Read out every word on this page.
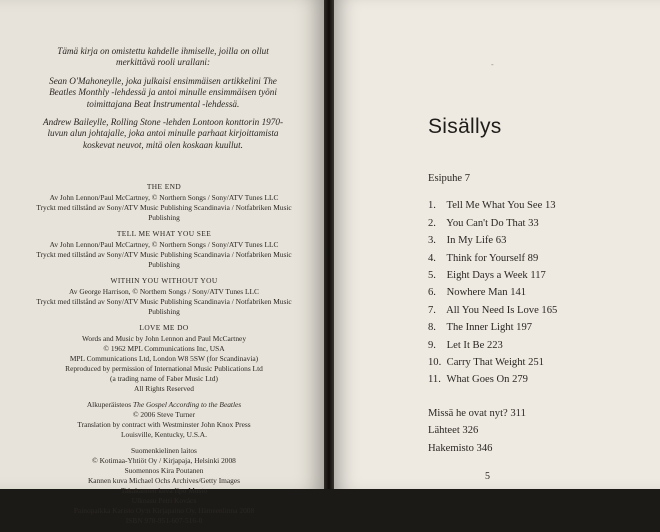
Tämä kirja on omistettu kahdelle ihmiselle, joilla on ollut merkittävä rooli urallani:

Sean O'Mahoneylle, joka julkaisi ensimmäisen artikkelini The Beatles Monthly -lehdessä ja antoi minulle ensimmäisen työni toimittajana Beat Instrumental -lehdessä.

Andrew Baileylle, Rolling Stone -lehden Lontoon konttorin 1970-luvun alun johtajalle, joka antoi minulle parhaat kirjoittamista koskevat neuvot, mitä olen koskaan kuullut.

THE END
Av John Lennon/Paul McCartney, © Northern Songs / Sony/ATV Tunes LLC
Tryckt med tillstånd av Sony/ATV Music Publishing Scandinavia / Notfabriken Music Publishing
TELL ME WHAT YOU SEE
Av John Lennon/Paul McCartney, © Northern Songs / Sony/ATV Tunes LLC
Tryckt med tillstånd av Sony/ATV Music Publishing Scandinavia / Notfabriken Music Publishing
WITHIN YOU WITHOUT YOU
Av George Harrison, © Northern Songs / Sony/ATV Tunes LLC
Tryckt med tillstånd av Sony/ATV Music Publishing Scandinavia / Notfabriken Music Publishing
LOVE ME DO
Words and Music by John Lennon and Paul McCartney
© 1962 MPL Communications Inc, USA
MPL Communications Ltd, London W8 5SW (for Scandinavia)
Reproduced by permission of International Music Publications Ltd
(a trading name of Faber Music Ltd)
All Rights Reserved
Alkuperäisteos The Gospel According to the Beatles
© 2006 Steve Turner
Translation by contract with Westminster John Knox Press
Louisville, Kentucky, U.S.A.
Suomenkielinen laitos
© Kotimaa-Yhtiöt Oy / Kirjapaja, Helsinki 2008
Suomennos Kira Poutanen
Kannen kuva Michael Ochs Archives/Getty Images
Takakannen kuva Ilpo Musto
Ulkoasu Petri Kovács
Painopaikka Karisto Oy:n Kirjapaino Oy, Hämeenlinna 2008
ISBN 978-951-607-516-0
-
Sisällys
Esipuhe 7
1. Tell Me What You See 13
2. You Can't Do That 33
3. In My Life 63
4. Think for Yourself 89
5. Eight Days a Week 117
6. Nowhere Man 141
7. All You Need Is Love 165
8. The Inner Light 197
9. Let It Be 223
10. Carry That Weight 251
11. What Goes On 279
Missä he ovat nyt? 311
Lähteet 326
Hakemisto 346
5
